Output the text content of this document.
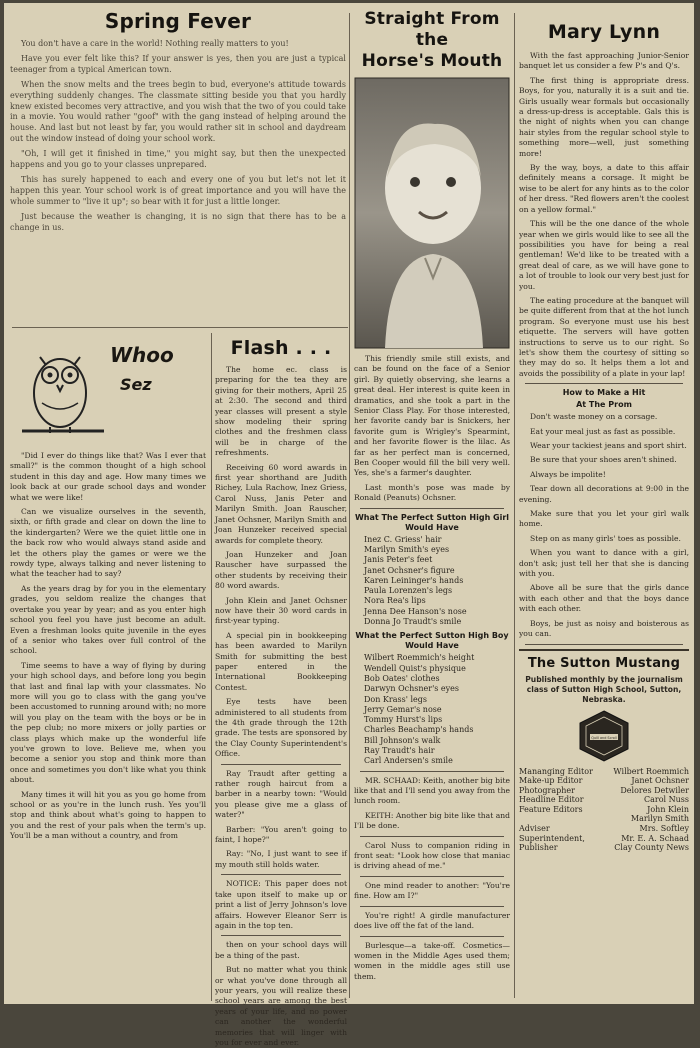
Spring Fever

You don't have a care in the world! Nothing really matters to you!

Have you ever felt like this? If your answer is yes, then you are just a typical teenager from a typical American town.

When the snow melts and the trees begin to bud, everyone's attitude towards everything suddenly changes. The classmate sitting beside you that you hardly knew existed becomes very attractive, and you wish that the two of you could take in a movie. You would rather "goof" with the gang instead of helping around the house. And last but not least by far, you would rather sit in school and daydream out the window instead of doing your school work.

"Oh, I will get it finished in time," you might say, but then the unexpected happens and you go to your classes unprepared.

This has surely happened to each and every one of you but let's not let it happen this year. Your school work is of great importance and you will have the whole summer to "live it up"; so bear with it for just a little longer.

Just because the weather is changing, it is no sign that there has to be a change in us.

Whoo
Sez

"Did I ever do things like that? Was I ever that small?" is the common thought of a high school student in this day and age. How many times we look back at our grade school days and wonder what we were like!

Can we visualize ourselves in the seventh, sixth, or fifth grade and clear on down the line to the kindergarten? Were we the quiet little one in the back row who would always stand aside and let the others play the games or were we the rowdy type, always talking and never listening to what the teacher had to say?

As the years drag by for you in the elementary grades, you seldom realize the changes that overtake you year by year; and as you enter high school you feel you have just become an adult. Even a freshman looks quite juvenile in the eyes of a senior who takes over full control of the school.

Time seems to have a way of flying by during your high school days, and before long you begin that last and final lap with your classmates. No more will you go to class with the gang you've been accustomed to running around with; no more will you play on the team with the boys or be in the pep club; no more mixers or jolly parties or class plays which make up the wonderful life you've grown to love. Believe me, when you become a senior you stop and think more than once and sometimes you don't like what you think about.

Many times it will hit you as you go home from school or as you're in the lunch rush. Yes you'll stop and think about what's going to happen to you and the rest of your pals when the term's up. You'll be a man without a country, and from

Flash . . .

The home ec. class is preparing for the tea they are giving for their mothers, April 25 at 2:30. The second and third year classes will present a style show modeling their spring clothes and the freshmen class will be in charge of the refreshments.

Receiving 60 word awards in first year shorthand are Judith Richey, Lula Rachow, Inez Griess, Carol Nuss, Janis Peter and Marilyn Smith. Joan Rauscher, Janet Ochsner, Marilyn Smith and Joan Hunzeker received special awards for complete theory.

Joan Hunzeker and Joan Rauscher have surpassed the other students by receiving their 80 word awards.

John Klein and Janet Ochsner now have their 30 word cards in first-year typing.

A special pin in bookkeeping has been awarded to Marilyn Smith for submitting the best paper entered in the International Bookkeeping Contest.

Eye tests have been administered to all students from the 4th grade through the 12th grade. The tests are sponsored by the Clay County Superintendent's Office.

Ray Traudt after getting a rather rough haircut from a barber in a nearby town: "Would you please give me a glass of water?"

Barber: "You aren't going to faint, I hope?"

Ray: "No, I just want to see if my mouth still holds water.

NOTICE: This paper does not take upon itself to make up or print a list of Jerry Johnson's love affairs. However Eleanor Serr is again in the top ten.

then on your school days will be a thing of the past.

But no matter what you think or what you've done through all your years, you will realize these school years are among the best years of your life, and no power can another the wonderful memories that will linger with you for ever and ever.

Straight From the
Horse's Mouth

This friendly smile still exists, and can be found on the face of a Senior girl. By quietly observing, she learns a great deal. Her interest is quite keen in dramatics, and she took a part in the Senior Class Play. For those interested, her favorite candy bar is Snickers, her favorite gum is Wrigley's Spearmint, and her favorite flower is the lilac. As far as her perfect man is concerned, Ben Cooper would fill the bill very well. Yes, she's a farmer's daughter.

Last month's pose was made by Ronald (Peanuts) Ochsner.

What The Perfect Sutton High Girl Would Have
Inez C. Griess' hair
Marilyn Smith's eyes
Janis Peter's feet
Janet Ochsner's figure
Karen Leininger's hands
Paula Lorenzen's legs
Nora Rea's lips
Jenna Dee Hanson's nose
Donna Jo Traudt's smile
What the Perfect Sutton High Boy Would Have
Wilbert Roemmich's height
Wendell Quist's physique
Bob Oates' clothes
Darwyn Ochsner's eyes
Don Krass' legs
Jerry Gemar's nose
Tommy Hurst's lips
Charles Beachamp's hands
Bill Johnson's walk
Ray Traudt's hair
Carl Andersen's smile

MR. SCHAAD: Keith, another big bite like that and I'll send you away from the lunch room.

KEITH: Another big bite like that and I'll be done.

Carol Nuss to companion riding in front seat: "Look how close that maniac is driving ahead of me."

One mind reader to another: "You're fine. How am I?"

You're right! A girdle manufacturer does live off the fat of the land.

Burlesque—a take-off. Cosmetics—women in the Middle Ages used them; women in the middle ages still use them.

Mary Lynn

With the fast approaching Junior-Senior banquet let us consider a few P's and Q's.

The first thing is appropriate dress. Boys, for you, naturally it is a suit and tie. Girls usually wear formals but occasionally a dress-up-dress is acceptable. Gals this is the night of nights when you can change hair styles from the regular school style to something more—well, just something more!

By the way, boys, a date to this affair definitely means a corsage. It might be wise to be alert for any hints as to the color of her dress. "Red flowers aren't the coolest on a yellow formal."

This will be the one dance of the whole year when we girls would like to see all the possibilities you have for being a real gentleman! We'd like to be treated with a great deal of care, as we will have gone to a lot of trouble to look our very best just for you.

The eating procedure at the banquet will be quite different from that at the hot lunch program. So everyone must use his best etiquette. The servers will have gotten instructions to serve us to our right. So let's show them the courtesy of sitting so they may do so. It helps them a lot and avoids the possibility of a plate in your lap!

How to Make a Hit
At The Prom

Don't waste money on a corsage.

Eat your meal just as fast as possible.

Wear your tackiest jeans and sport shirt.

Be sure that your shoes aren't shined.

Always be impolite!

Tear down all decorations at 9:00 in the evening.

Make sure that you let your girl walk home.

Step on as many girls' toes as possible.

When you want to dance with a girl, don't ask; just tell her that she is dancing with you.

Above all be sure that the girls dance with each other and that the boys dance with each other.

Boys, be just as noisy and boisterous as you can.

The Sutton Mustang
Published monthly by the journalism class of Sutton High School, Sutton, Nebraska.
Quill and Scroll
Mananging Editor	Wilbert Roemmich
Make-up Editor	Janet Ochsner
Photographer	Delores Detwiler
Headline Editor	Carol Nuss
Feature Editors	John Klein
Marilyn Smith
Adviser	Mrs. Softley
Superintendent,	Mr. E. A. Schaad
Publisher	Clay County News
